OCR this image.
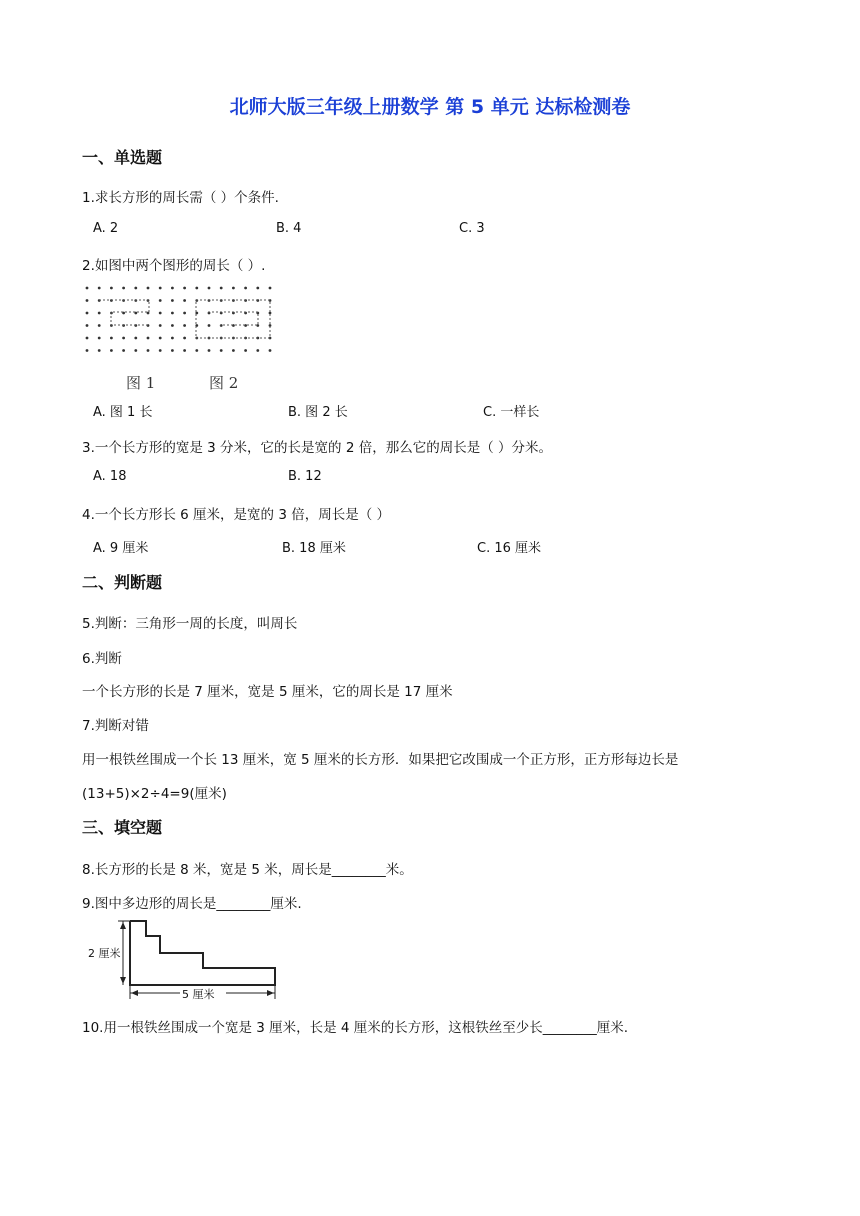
北师大版三年级上册数学 第 5 单元 达标检测卷
一、单选题
1.求长方形的周长需（ ）个条件.
A. 2	B. 4	C. 3
2.如图中两个图形的周长（ ）.
图 1	图 2
A. 图 1 长	B. 图 2 长	C. 一样长
3.一个长方形的宽是 3 分米，它的长是宽的 2 倍，那么它的周长是（ ）分米。
A. 18	B. 12
4.一个长方形长 6 厘米，是宽的 3 倍，周长是（ ）
A. 9 厘米	B. 18 厘米	C. 16 厘米
二、判断题
5.判断：三角形一周的长度，叫周长
6.判断
一个长方形的长是 7 厘米，宽是 5 厘米，它的周长是 17 厘米
7.判断对错
用一根铁丝围成一个长 13 厘米，宽 5 厘米的长方形．如果把它改围成一个正方形，正方形每边长是
(13+5)×2÷4=9(厘米)
三、填空题
8.长方形的长是 8 米，宽是 5 米，周长是________米。
9.图中多边形的周长是________厘米.
2 厘米
5 厘米
10.用一根铁丝围成一个宽是 3 厘米，长是 4 厘米的长方形，这根铁丝至少长________厘米.
